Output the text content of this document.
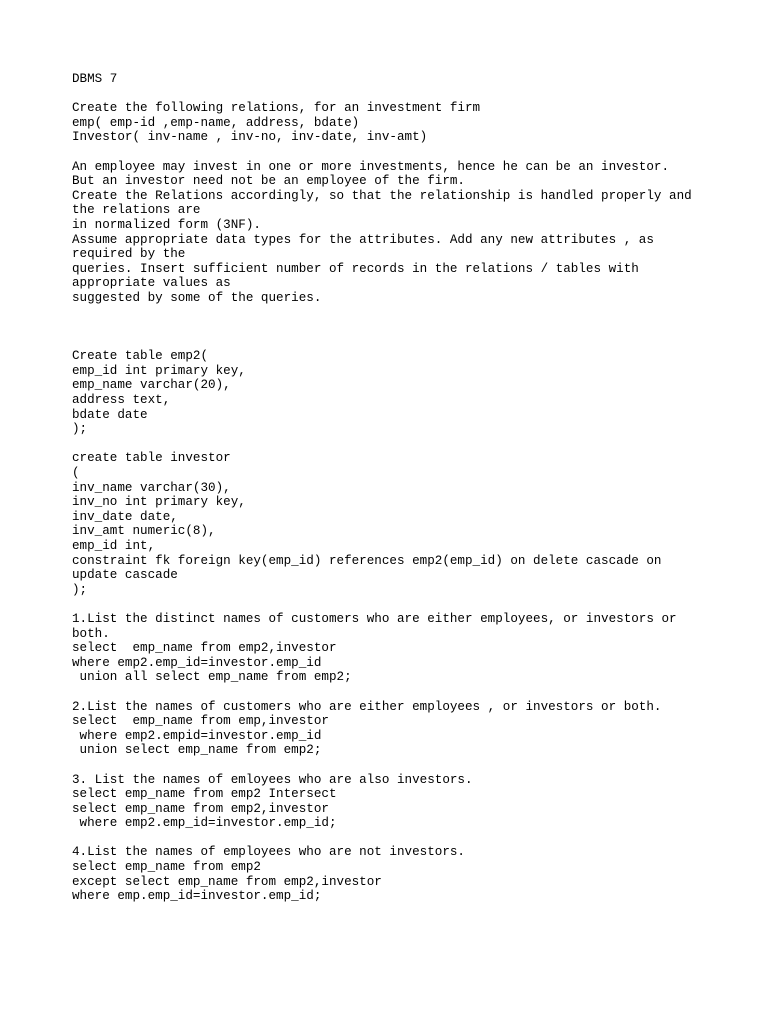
DBMS 7
Create the following relations, for an investment firm
emp( emp-id ,emp-name, address, bdate)
Investor( inv-name , inv-no, inv-date, inv-amt)
An employee may invest in one or more investments, hence he can be an investor.
But an investor need not be an employee of the firm.
Create the Relations accordingly, so that the relationship is handled properly and
the relations are
in normalized form (3NF).
Assume appropriate data types for the attributes. Add any new attributes , as
required by the
queries. Insert sufficient number of records in the relations / tables with
appropriate values as
suggested by some of the queries.
Create table emp2(
emp_id int primary key,
emp_name varchar(20),
address text,
bdate date
);
create table investor
(
inv_name varchar(30),
inv_no int primary key,
inv_date date,
inv_amt numeric(8),
emp_id int,
constraint fk foreign key(emp_id) references emp2(emp_id) on delete cascade on
update cascade
);
1.List the distinct names of customers who are either employees, or investors or
both.
select  emp_name from emp2,investor
where emp2.emp_id=investor.emp_id
union all select emp_name from emp2;
2.List the names of customers who are either employees , or investors or both.
select  emp_name from emp,investor
where emp2.empid=investor.emp_id
union select emp_name from emp2;
3. List the names of emloyees who are also investors.
select emp_name from emp2 Intersect
select emp_name from emp2,investor
where emp2.emp_id=investor.emp_id;
4.List the names of employees who are not investors.
select emp_name from emp2
except select emp_name from emp2,investor
where emp.emp_id=investor.emp_id;
